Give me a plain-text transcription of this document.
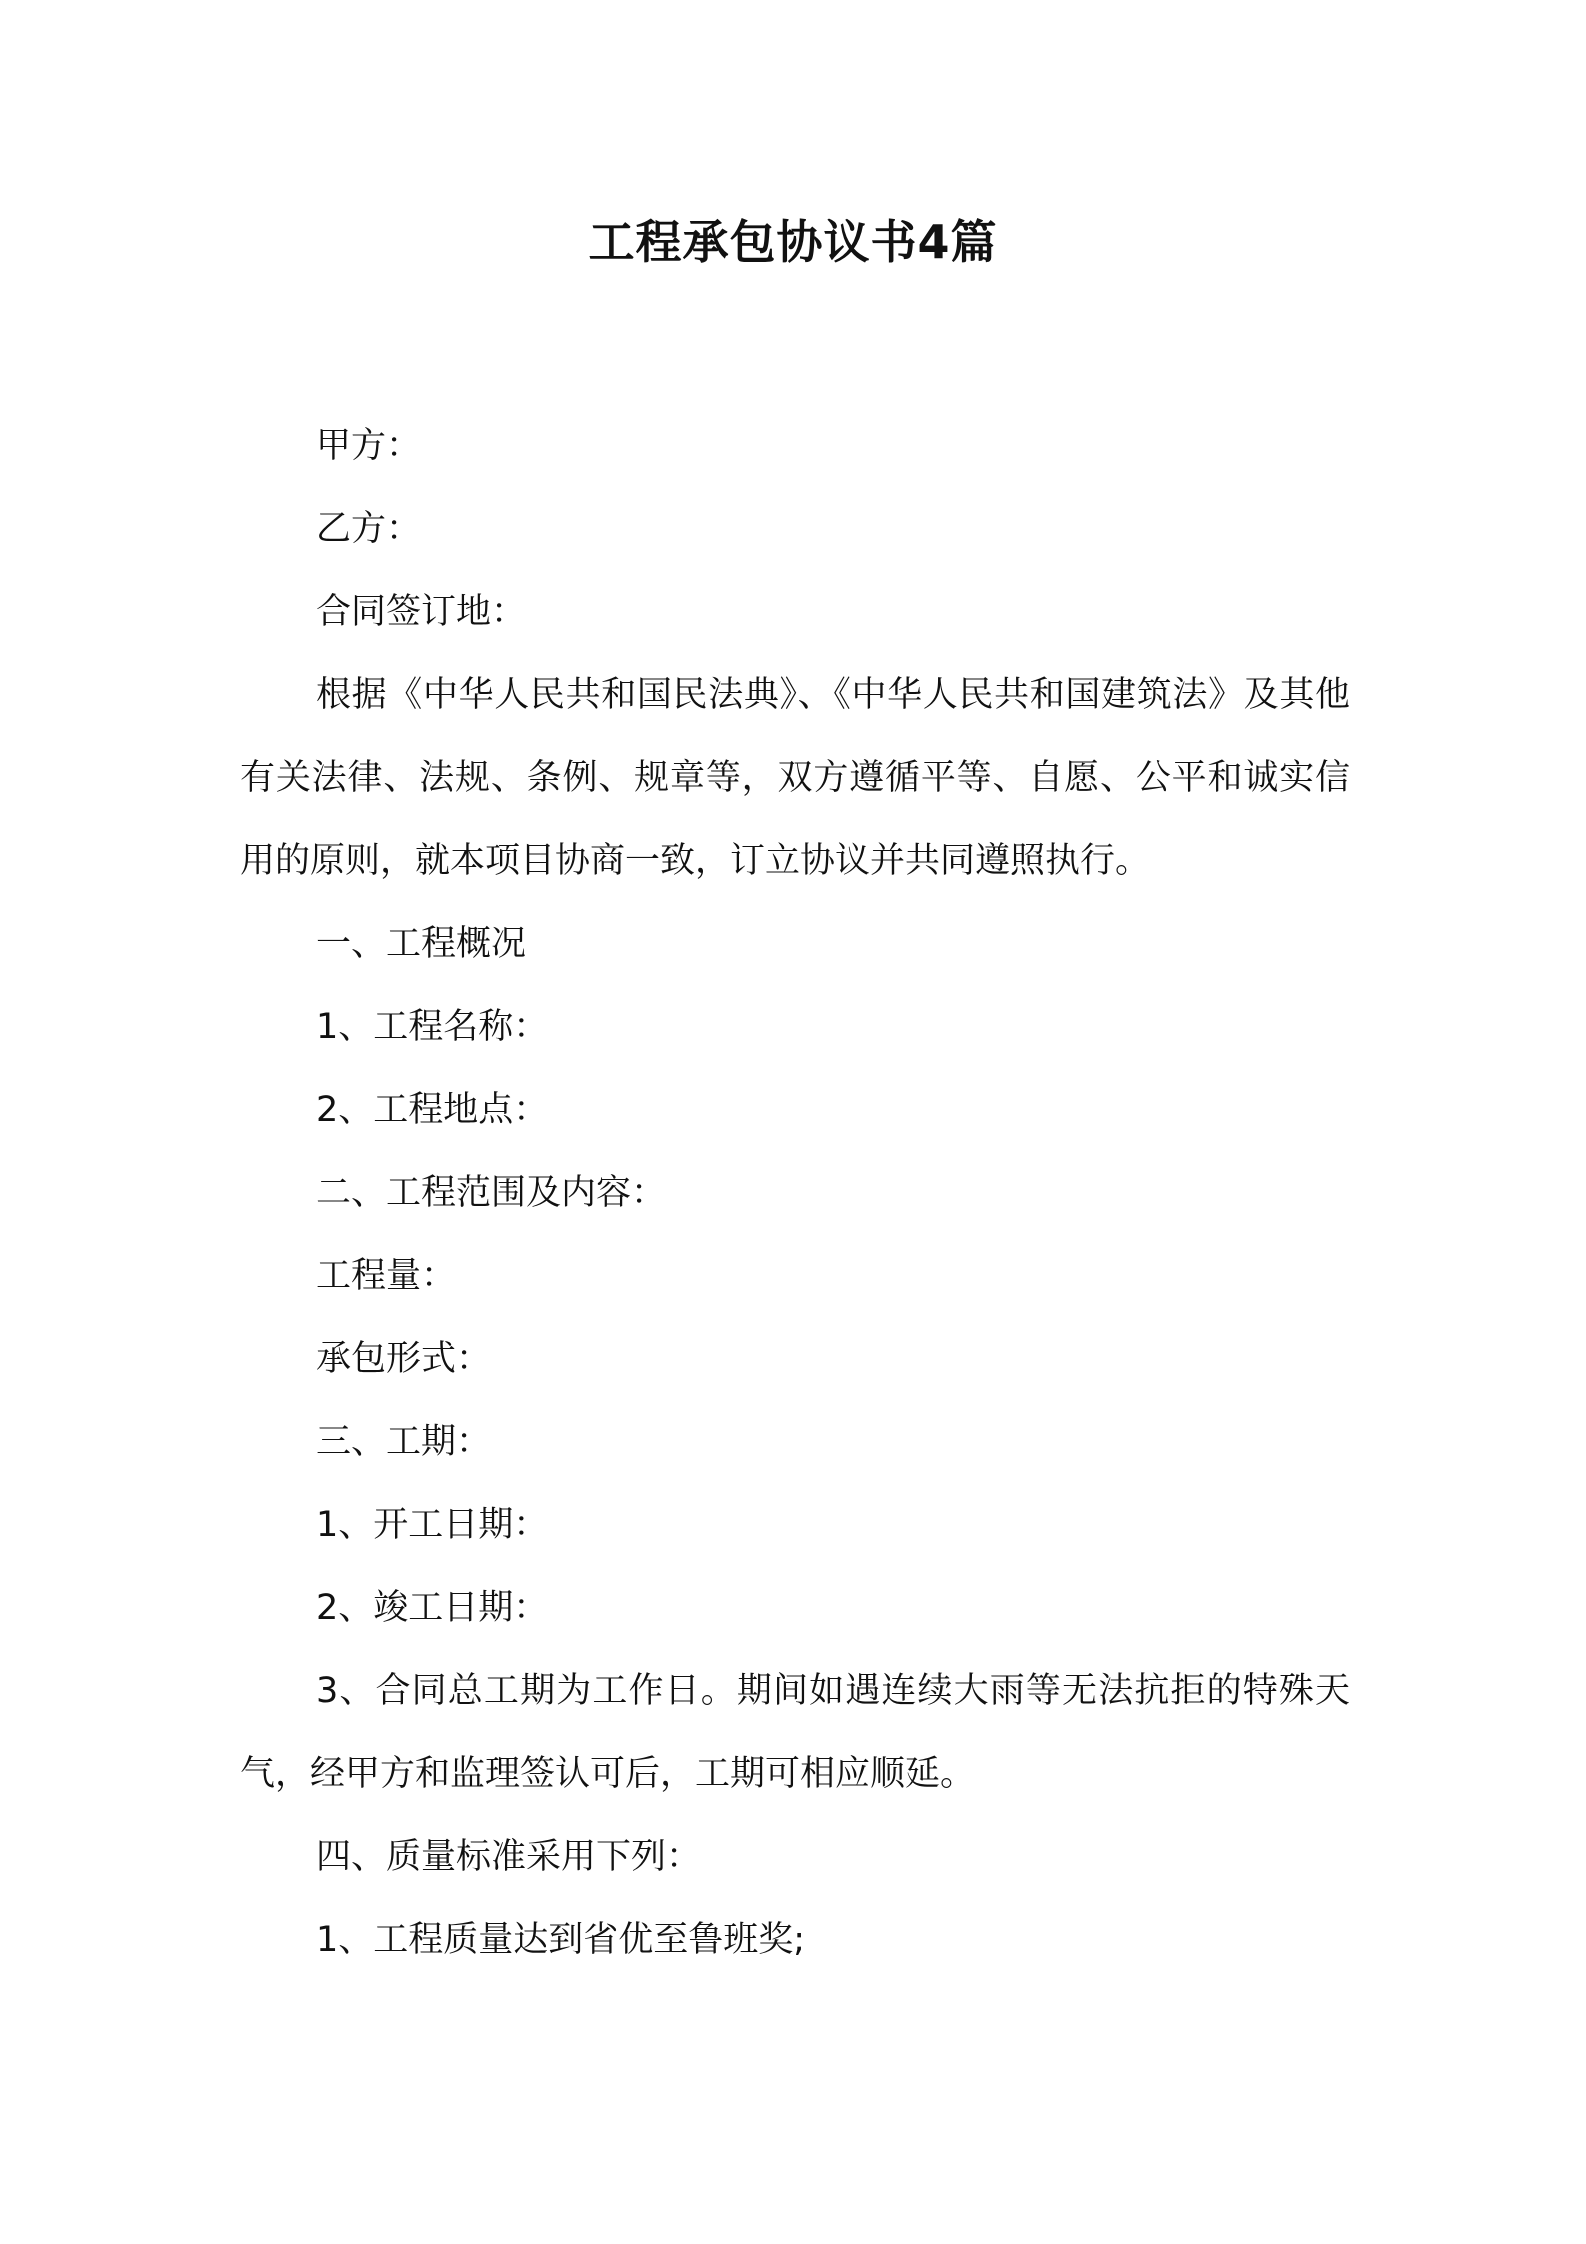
工程承包协议书4篇

甲方：

乙方：

合同签订地：

根据《中华人民共和国民法典》、《中华人民共和国建筑法》及其他有关法律、法规、条例、规章等，双方遵循平等、自愿、公平和诚实信用的原则，就本项目协商一致，订立协议并共同遵照执行。

一、工程概况

1、工程名称：

2、工程地点：

二、工程范围及内容：

工程量：

承包形式：

三、工期：

1、开工日期：

2、竣工日期：

3、合同总工期为工作日。期间如遇连续大雨等无法抗拒的特殊天气，经甲方和监理签认可后，工期可相应顺延。

四、质量标准采用下列：

1、工程质量达到省优至鲁班奖;
